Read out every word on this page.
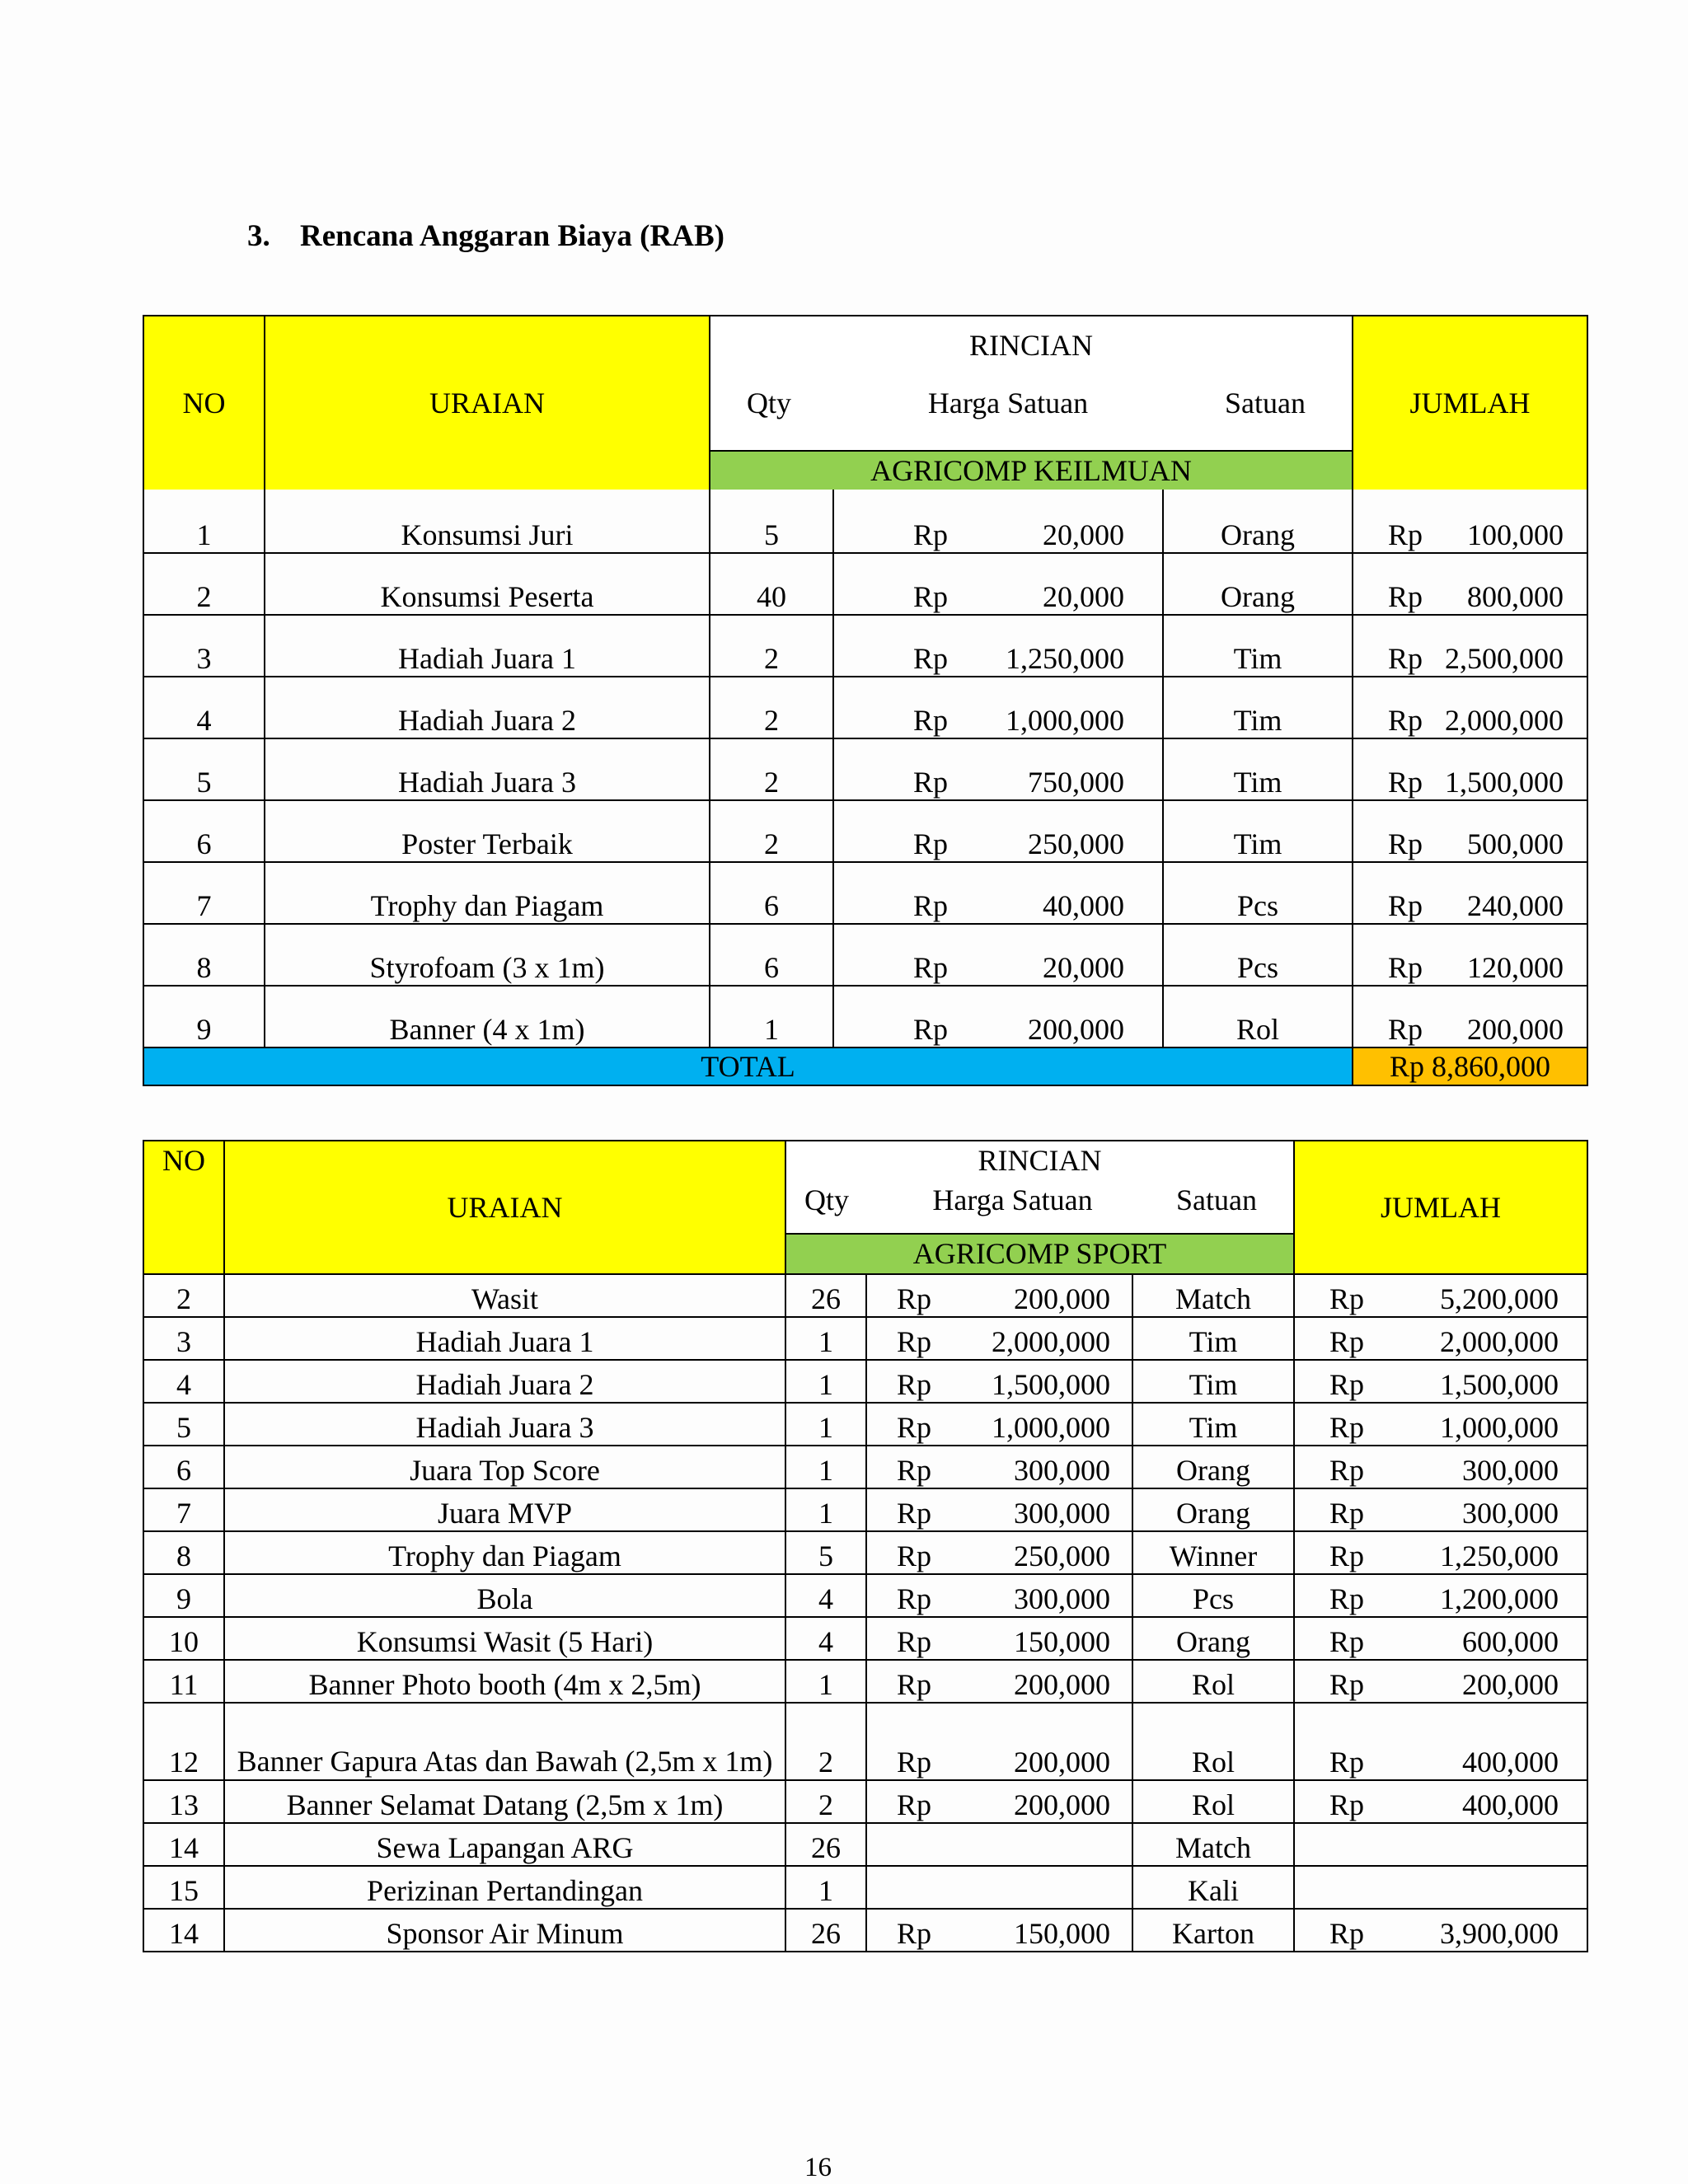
3. Rencana Anggaran Biaya (RAB)
NO	URAIAN	RINCIAN
Qty Harga Satuan Satuan			JUMLAH
		AGRICOMP KEILMUAN			
1	Konsumsi Juri	5	Rp 20,000	Orang	Rp 100,000

2	Konsumsi Peserta	40	Rp 20,000	Orang	Rp 800,000

3	Hadiah Juara 1	2	Rp 1,250,000	Tim	Rp 2,500,000

4	Hadiah Juara 2	2	Rp 1,000,000	Tim	Rp 2,000,000

5	Hadiah Juara 3	2	Rp 750,000	Tim	Rp 1,500,000

6	Poster Terbaik	2	Rp 250,000	Tim	Rp 500,000

7	Trophy dan Piagam	6	Rp 40,000	Pcs	Rp 240,000

8	Styrofoam (3 x 1m)	6	Rp 20,000	Pcs	Rp 120,000

9	Banner (4 x 1m)	1	Rp 200,000	Rol	Rp 200,000

TOTAL					Rp 8,860,000
NO	URAIAN	RINCIAN
Qty Harga Satuan Satuan			JUMLAH
		AGRICOMP SPORT			
2	Wasit	26	Rp 200,000	Match	Rp 5,200,000

3	Hadiah Juara 1	1	Rp 2,000,000	Tim	Rp 2,000,000

4	Hadiah Juara 2	1	Rp 1,500,000	Tim	Rp 1,500,000

5	Hadiah Juara 3	1	Rp 1,000,000	Tim	Rp 1,000,000

6	Juara Top Score	1	Rp 300,000	Orang	Rp 300,000

7	Juara MVP	1	Rp 300,000	Orang	Rp 300,000

8	Trophy dan Piagam	5	Rp 250,000	Winner	Rp 1,250,000

9	Bola	4	Rp 300,000	Pcs	Rp 1,200,000

10	Konsumsi Wasit (5 Hari)	4	Rp 150,000	Orang	Rp 600,000

11	Banner Photo booth (4m x 2,5m)	1	Rp 200,000	Rol	Rp 200,000

12	Banner Gapura Atas dan Bawah (2,5m x 1m)	2	Rp 200,000	Rol	Rp 400,000

13	Banner Selamat Datang (2,5m x 1m)	2	Rp 200,000	Rol	Rp 400,000

14	Sewa Lapangan ARG	26		Match	

15	Perizinan Pertandingan	1		Kali	

14	Sponsor Air Minum	26	Rp 150,000	Karton	Rp 3,900,000
16
